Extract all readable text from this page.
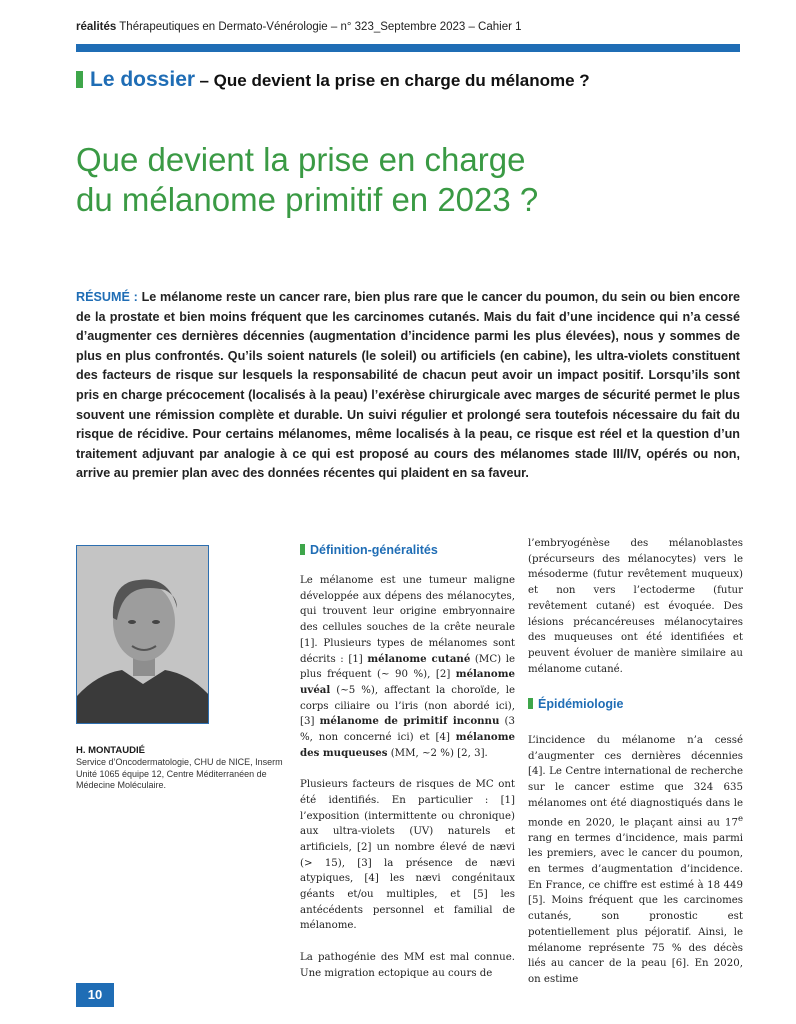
réalités Thérapeutiques en Dermato-Vénérologie – n° 323_Septembre 2023 – Cahier 1
Le dossier – Que devient la prise en charge du mélanome ?
Que devient la prise en charge
du mélanome primitif en 2023 ?
RÉSUMÉ : Le mélanome reste un cancer rare, bien plus rare que le cancer du poumon, du sein ou bien encore de la prostate et bien moins fréquent que les carcinomes cutanés. Mais du fait d’une incidence qui n’a cessé d’augmenter ces dernières décennies (augmentation d’incidence parmi les plus élevées), nous y sommes de plus en plus confrontés. Qu’ils soient naturels (le soleil) ou artificiels (en cabine), les ultra-violets constituent des facteurs de risque sur lesquels la responsabilité de chacun peut avoir un impact positif. Lorsqu’ils sont pris en charge précocement (localisés à la peau) l’exérèse chirurgicale avec marges de sécurité permet le plus souvent une rémission complète et durable. Un suivi régulier et prolongé sera toutefois nécessaire du fait du risque de récidive. Pour certains mélanomes, même localisés à la peau, ce risque est réel et la question d’un traitement adjuvant par analogie à ce qui est proposé au cours des mélanomes stade III/IV, opérés ou non, arrive au premier plan avec des données récentes qui plaident en sa faveur.
H. MONTAUDIÉ
Service d’Oncodermatologie, CHU de NICE, Inserm Unité 1065 équipe 12, Centre Méditerranéen de Médecine Moléculaire.
Définition-généralités

Le mélanome est une tumeur maligne développée aux dépens des mélanocytes, qui trouvent leur origine embryonnaire des cellules souches de la crête neurale [1]. Plusieurs types de mélanomes sont décrits : [1] mélanome cutané (MC) le plus fréquent (~ 90 %), [2] mélanome uvéal (~5 %), affectant la choroïde, le corps ciliaire ou l’iris (non abordé ici), [3] mélanome de primitif inconnu (3 %, non concerné ici) et [4] mélanome des muqueuses (MM, ~2 %) [2, 3].

Plusieurs facteurs de risques de MC ont été identifiés. En particulier : [1] l’exposition (intermittente ou chronique) aux ultra-violets (UV) naturels et artificiels, [2] un nombre élevé de nævi (> 15), [3] la présence de nævi atypiques, [4] les nævi congénitaux géants et/ou multiples, et [5] les antécédents personnel et familial de mélanome.

La pathogénie des MM est mal connue. Une migration ectopique au cours de

l’embryogénèse des mélanoblastes (précurseurs des mélanocytes) vers le mésoderme (futur revêtement muqueux) et non vers l’ectoderme (futur revêtement cutané) est évoquée. Des lésions précancéreuses mélanocytaires des muqueuses ont été identifiées et peuvent évoluer de manière similaire au mélanome cutané.

Épidémiologie

L’incidence du mélanome n’a cessé d’augmenter ces dernières décennies [4]. Le Centre international de recherche sur le cancer estime que 324 635 mélanomes ont été diagnostiqués dans le monde en 2020, le plaçant ainsi au 17e rang en termes d’incidence, mais parmi les premiers, avec le cancer du poumon, en termes d’augmentation d’incidence. En France, ce chiffre est estimé à 18 449 [5]. Moins fréquent que les carcinomes cutanés, son pronostic est potentiellement plus péjoratif. Ainsi, le mélanome représente 75 % des décès liés au cancer de la peau [6]. En 2020, on estime

10
